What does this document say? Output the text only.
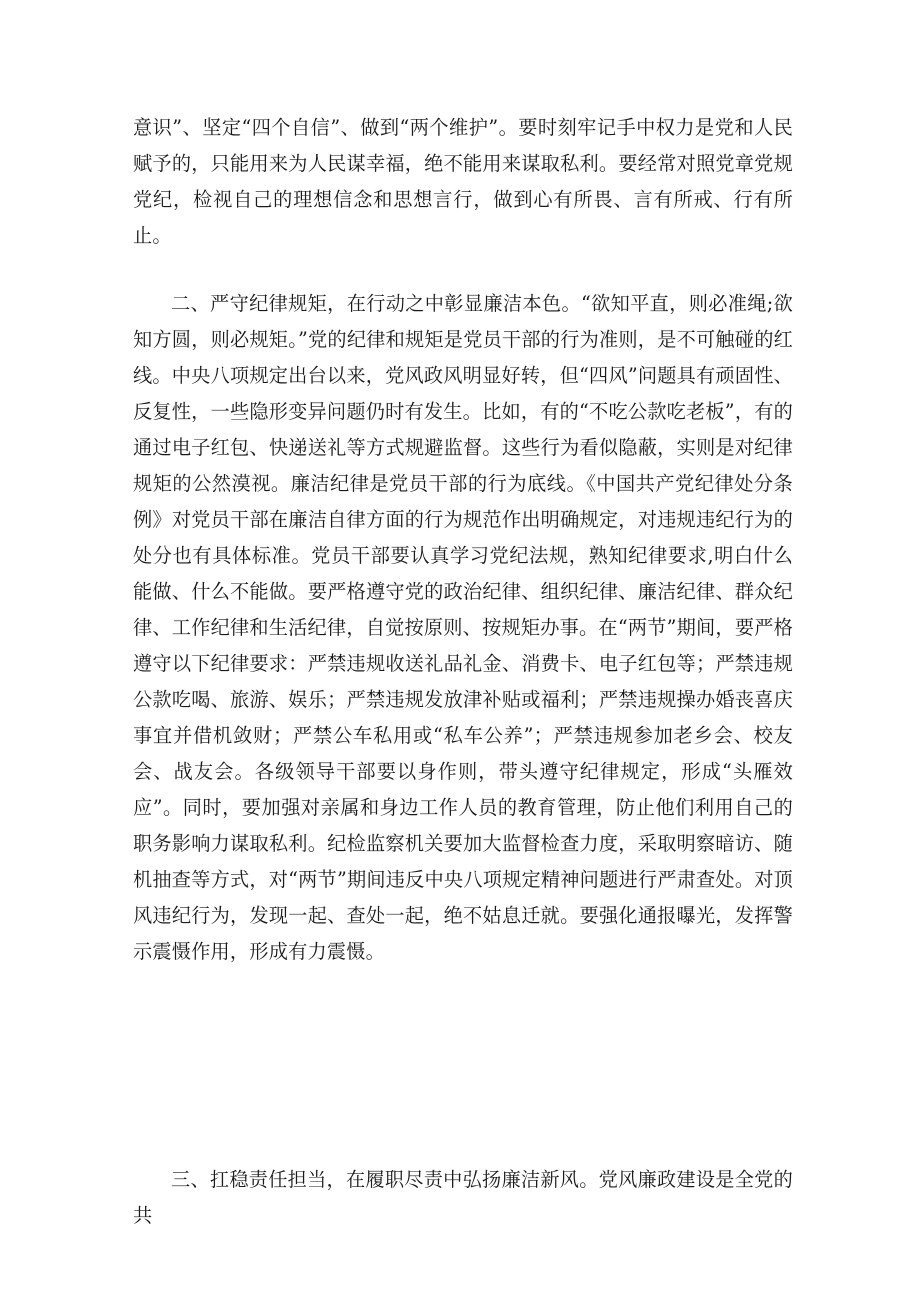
意识”、坚定“四个自信”、做到“两个维护”。要时刻牢记手中权力是党和人民赋予的，只能用来为人民谋幸福，绝不能用来谋取私利。要经常对照党章党规党纪，检视自己的理想信念和思想言行，做到心有所畏、言有所戒、行有所止。

二、严守纪律规矩，在行动之中彰显廉洁本色。“欲知平直，则必准绳;欲知方圆，则必规矩。”党的纪律和规矩是党员干部的行为准则，是不可触碰的红线。中央八项规定出台以来，党风政风明显好转，但“四风”问题具有顽固性、反复性，一些隐形变异问题仍时有发生。比如，有的“不吃公款吃老板”，有的通过电子红包、快递送礼等方式规避监督。这些行为看似隐蔽，实则是对纪律规矩的公然漠视。廉洁纪律是党员干部的行为底线。《中国共产党纪律处分条例》对党员干部在廉洁自律方面的行为规范作出明确规定，对违规违纪行为的处分也有具体标准。党员干部要认真学习党纪法规，熟知纪律要求,明白什么能做、什么不能做。要严格遵守党的政治纪律、组织纪律、廉洁纪律、群众纪律、工作纪律和生活纪律，自觉按原则、按规矩办事。在“两节”期间，要严格遵守以下纪律要求：严禁违规收送礼品礼金、消费卡、电子红包等；严禁违规公款吃喝、旅游、娱乐；严禁违规发放津补贴或福利；严禁违规操办婚丧喜庆事宜并借机敛财；严禁公车私用或“私车公养”；严禁违规参加老乡会、校友会、战友会。各级领导干部要以身作则，带头遵守纪律规定，形成“头雁效应”。同时，要加强对亲属和身边工作人员的教育管理，防止他们利用自己的职务影响力谋取私利。纪检监察机关要加大监督检查力度，采取明察暗访、随机抽查等方式，对“两节”期间违反中央八项规定精神问题进行严肃查处。对顶风违纪行为，发现一起、查处一起，绝不姑息迁就。要强化通报曝光，发挥警示震慑作用，形成有力震慑。

三、扛稳责任担当，在履职尽责中弘扬廉洁新风。党风廉政建设是全党的共
